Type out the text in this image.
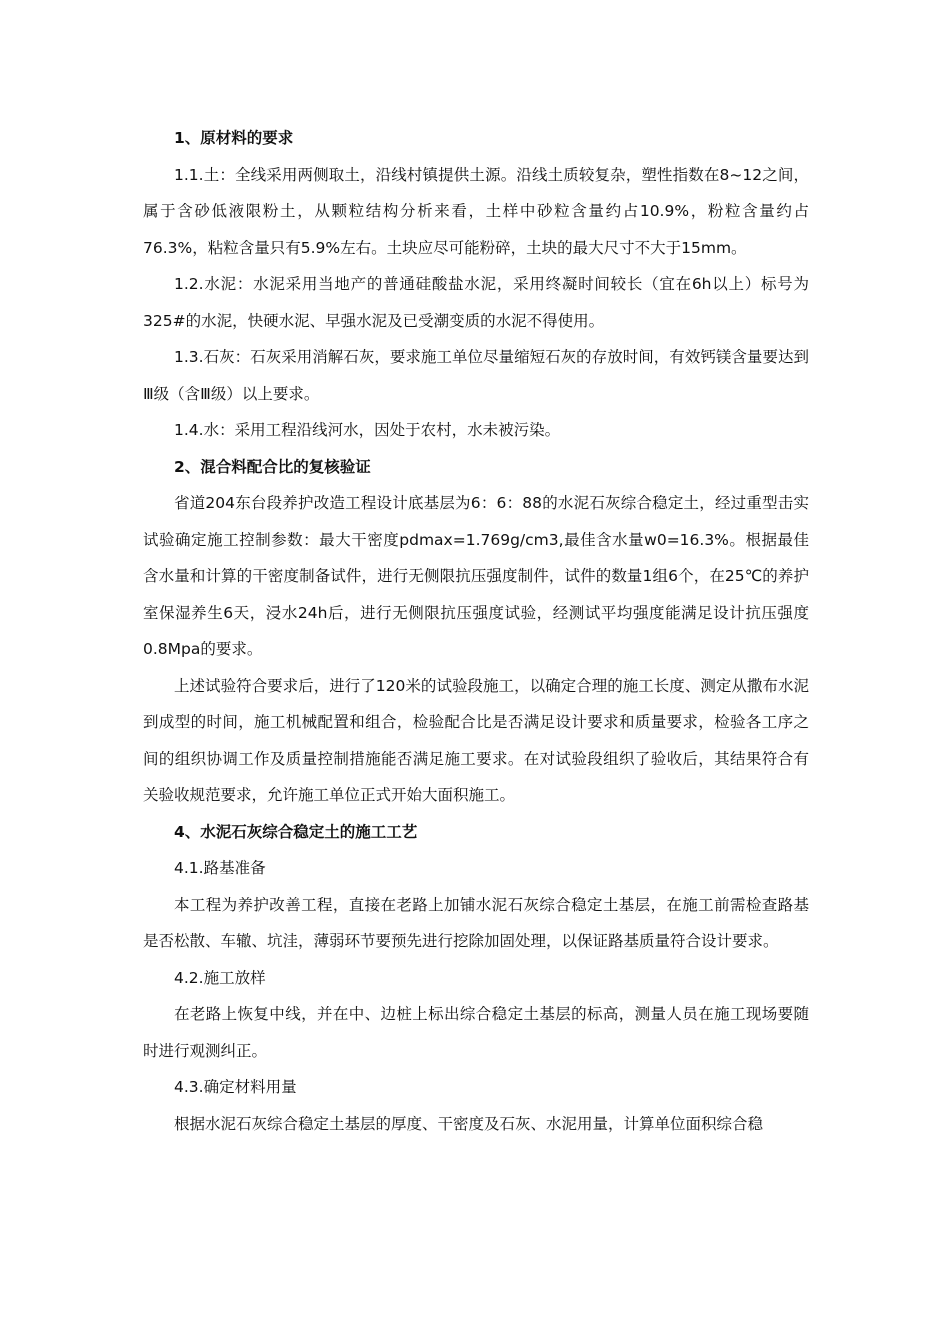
1、原材料的要求

1.1.土：全线采用两侧取土，沿线村镇提供土源。沿线土质较复杂，塑性指数在8~12之间，属于含砂低液限粉土，从颗粒结构分析来看，土样中砂粒含量约占10.9%，粉粒含量约占76.3%，粘粒含量只有5.9%左右。土块应尽可能粉碎，土块的最大尺寸不大于15mm。

1.2.水泥：水泥采用当地产的普通硅酸盐水泥，采用终凝时间较长（宜在6h以上）标号为325#的水泥，快硬水泥、早强水泥及已受潮变质的水泥不得使用。

1.3.石灰：石灰采用消解石灰，要求施工单位尽量缩短石灰的存放时间，有效钙镁含量要达到Ⅲ级（含Ⅲ级）以上要求。

1.4.水：采用工程沿线河水，因处于农村，水未被污染。

2、混合料配合比的复核验证

省道204东台段养护改造工程设计底基层为6：6：88的水泥石灰综合稳定土，经过重型击实试验确定施工控制参数：最大干密度pdmax=1.769g/cm3,最佳含水量w0=16.3%。根据最佳含水量和计算的干密度制备试件，进行无侧限抗压强度制件，试件的数量1组6个，在25℃的养护室保湿养生6天，浸水24h后，进行无侧限抗压强度试验，经测试平均强度能满足设计抗压强度0.8Mpa的要求。

上述试验符合要求后，进行了120米的试验段施工，以确定合理的施工长度、测定从撒布水泥到成型的时间，施工机械配置和组合，检验配合比是否满足设计要求和质量要求，检验各工序之间的组织协调工作及质量控制措施能否满足施工要求。在对试验段组织了验收后，其结果符合有关验收规范要求，允许施工单位正式开始大面积施工。

4、水泥石灰综合稳定土的施工工艺

4.1.路基准备

本工程为养护改善工程，直接在老路上加铺水泥石灰综合稳定土基层，在施工前需检查路基是否松散、车辙、坑洼，薄弱环节要预先进行挖除加固处理，以保证路基质量符合设计要求。

4.2.施工放样

在老路上恢复中线，并在中、边桩上标出综合稳定土基层的标高，测量人员在施工现场要随时进行观测纠正。

4.3.确定材料用量

根据水泥石灰综合稳定土基层的厚度、干密度及石灰、水泥用量，计算单位面积综合稳
